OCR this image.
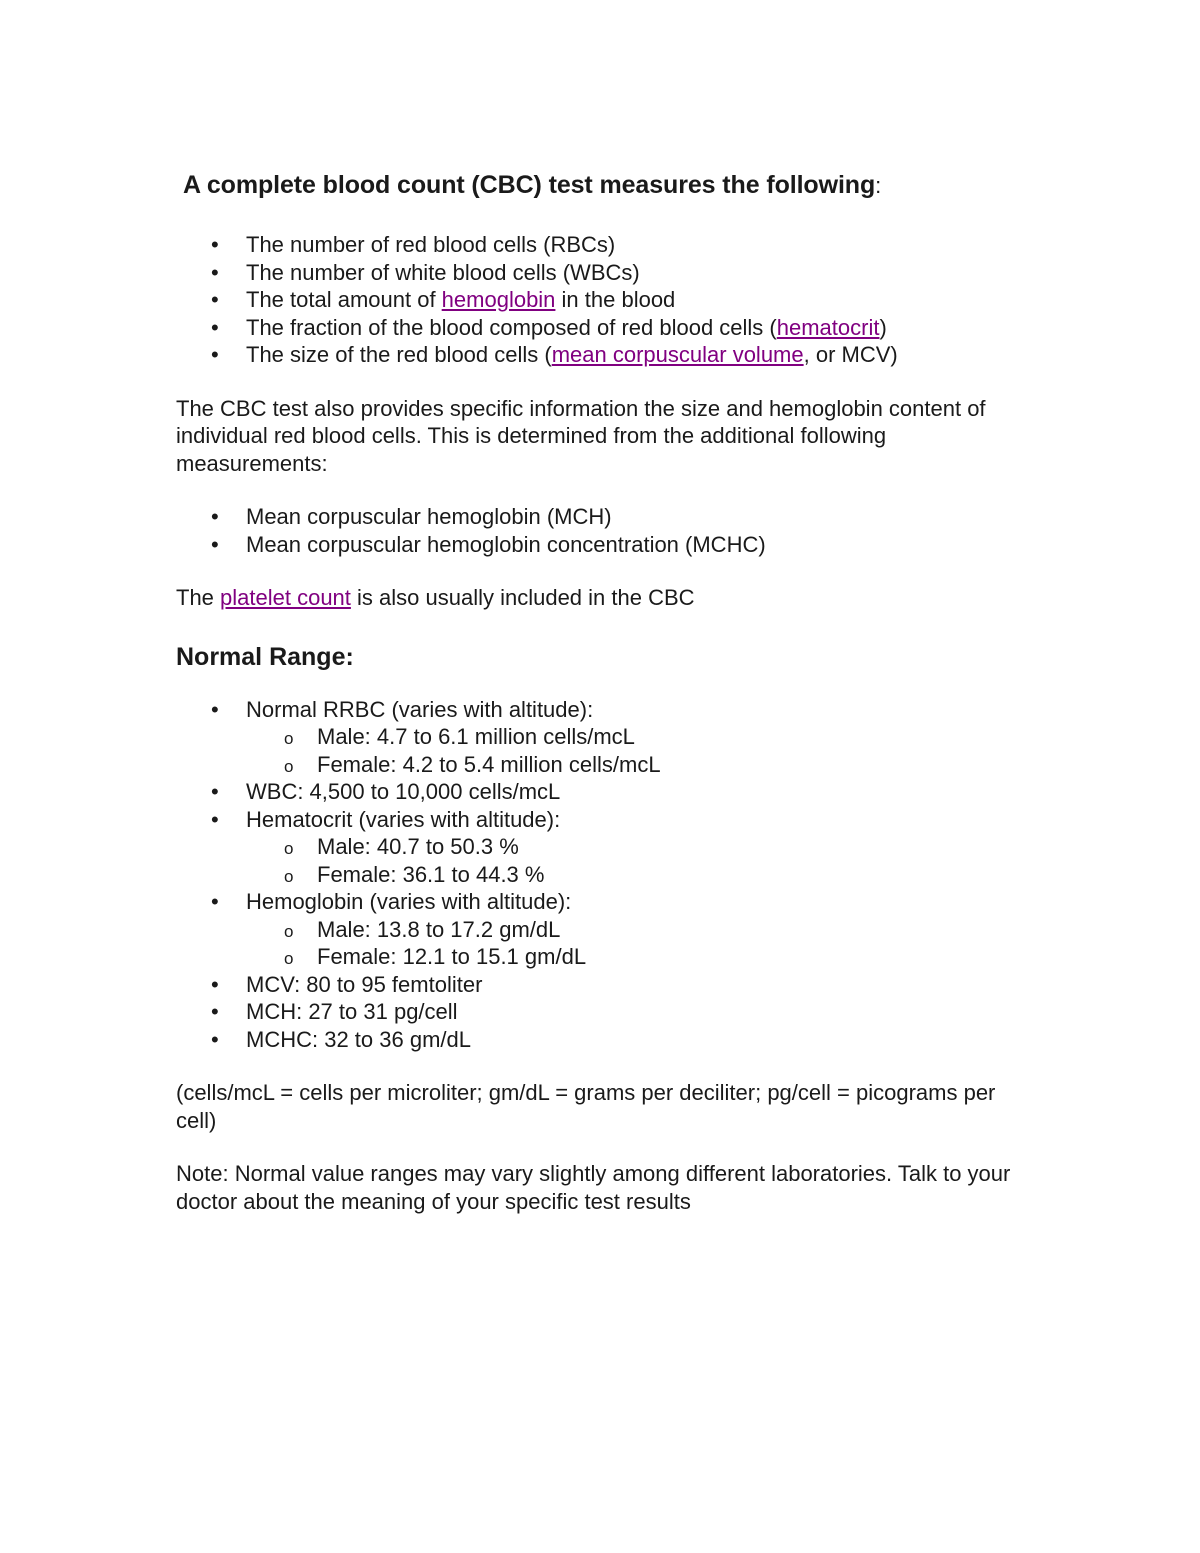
A complete blood count (CBC) test measures the following:
• The number of red blood cells (RBCs)
• The number of white blood cells (WBCs)
• The total amount of hemoglobin in the blood
• The fraction of the blood composed of red blood cells (hematocrit)
• The size of the red blood cells (mean corpuscular volume, or MCV)

The CBC test also provides specific information the size and hemoglobin content of individual red blood cells. This is determined from the additional following measurements:

• Mean corpuscular hemoglobin (MCH)
• Mean corpuscular hemoglobin concentration (MCHC)

The platelet count is also usually included in the CBC

Normal Range:
• Normal RRBC (varies with altitude):
o Male: 4.7 to 6.1 million cells/mcL
o Female: 4.2 to 5.4 million cells/mcL
• WBC: 4,500 to 10,000 cells/mcL
• Hematocrit (varies with altitude):
o Male: 40.7 to 50.3 %
o Female: 36.1 to 44.3 %
• Hemoglobin (varies with altitude):
o Male: 13.8 to 17.2 gm/dL
o Female: 12.1 to 15.1 gm/dL
• MCV: 80 to 95 femtoliter
• MCH: 27 to 31 pg/cell
• MCHC: 32 to 36 gm/dL

(cells/mcL = cells per microliter; gm/dL = grams per deciliter; pg/cell = picograms per cell)

Note: Normal value ranges may vary slightly among different laboratories. Talk to your doctor about the meaning of your specific test results
